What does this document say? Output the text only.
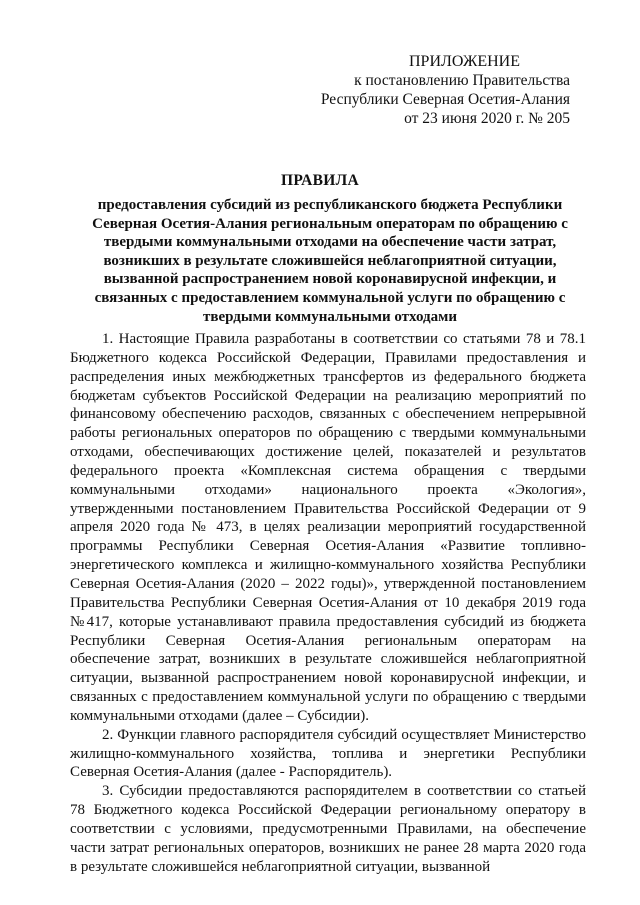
ПРИЛОЖЕНИЕ
к постановлению Правительства
Республики Северная Осетия-Алания
от 23 июня 2020 г. № 205
ПРАВИЛА
предоставления субсидий из республиканского бюджета Республики Северная Осетия-Алания региональным операторам по обращению с твердыми коммунальными отходами на обеспечение части затрат, возникших в результате сложившейся неблагоприятной ситуации, вызванной распространением новой коронавирусной инфекции, и связанных с предоставлением коммунальной услуги по обращению с твердыми коммунальными отходами

1. Настоящие Правила разработаны в соответствии со статьями 78 и 78.1 Бюджетного кодекса Российской Федерации, Правилами предоставления и распределения иных межбюджетных трансфертов из федерального бюджета бюджетам субъектов Российской Федерации на реализацию мероприятий по финансовому обеспечению расходов, связанных с обеспечением непрерывной работы региональных операторов по обращению с твердыми коммунальными отходами, обеспечивающих достижение целей, показателей и результатов федерального проекта «Комплексная система обращения с твердыми коммунальными отходами» национального проекта «Экология», утвержденными постановлением Правительства Российской Федерации от 9 апреля 2020 года № 473, в целях реализации мероприятий государственной программы Республики Северная Осетия-Алания «Развитие топливно-энергетического комплекса и жилищно-коммунального хозяйства Республики Северная Осетия-Алания (2020 – 2022 годы)», утвержденной постановлением Правительства Республики Северная Осетия-Алания от 10 декабря 2019 года №417, которые устанавливают правила предоставления субсидий из бюджета Республики Северная Осетия-Алания региональным операторам на обеспечение затрат, возникших в результате сложившейся неблагоприятной ситуации, вызванной распространением новой коронавирусной инфекции, и связанных с предоставлением коммунальной услуги по обращению с твердыми коммунальными отходами (далее – Субсидии).

2. Функции главного распорядителя субсидий осуществляет Министерство жилищно-коммунального хозяйства, топлива и энергетики Республики Северная Осетия-Алания (далее - Распорядитель).

3. Субсидии предоставляются распорядителем в соответствии со статьей 78 Бюджетного кодекса Российской Федерации региональному оператору в соответствии с условиями, предусмотренными Правилами, на обеспечение части затрат региональных операторов, возникших не ранее 28 марта 2020 года в результате сложившейся неблагоприятной ситуации, вызванной
